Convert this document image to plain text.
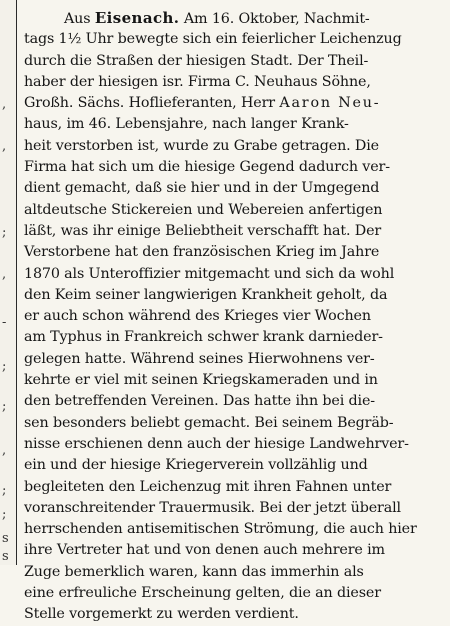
,
,
;
,
-
;
;
,
;
;
s
s
Aus Eisenach. Am 16. Oktober, Nachmit-
tags 1½ Uhr bewegte sich ein feierlicher Leichenzug
durch die Straßen der hiesigen Stadt. Der Theil-
haber der hiesigen isr. Firma C. Neuhaus Söhne,
Großh. Sächs. Hoflieferanten, Herr Aaron Neu-
haus, im 46. Lebensjahre, nach langer Krank-
heit verstorben ist, wurde zu Grabe getragen. Die
Firma hat sich um die hiesige Gegend dadurch ver-
dient gemacht, daß sie hier und in der Umgegend
altdeutsche Stickereien und Webereien anfertigen
läßt, was ihr einige Beliebtheit verschafft hat. Der
Verstorbene hat den französischen Krieg im Jahre
1870 als Unteroffizier mitgemacht und sich da wohl
den Keim seiner langwierigen Krankheit geholt, da
er auch schon während des Krieges vier Wochen
am Typhus in Frankreich schwer krank darnieder-
gelegen hatte. Während seines Hierwohnens ver-
kehrte er viel mit seinen Kriegskameraden und in
den betreffenden Vereinen. Das hatte ihn bei die-
sen besonders beliebt gemacht. Bei seinem Begräb-
nisse erschienen denn auch der hiesige Landwehrver-
ein und der hiesige Kriegerverein vollzählig und
begleiteten den Leichenzug mit ihren Fahnen unter
voranschreitender Trauermusik. Bei der jetzt überall
herrschenden antisemitischen Strömung, die auch hier
ihre Vertreter hat und von denen auch mehrere im
Zuge bemerklich waren, kann das immerhin als
eine erfreuliche Erscheinung gelten, die an dieser
Stelle vorgemerkt zu werden verdient.
